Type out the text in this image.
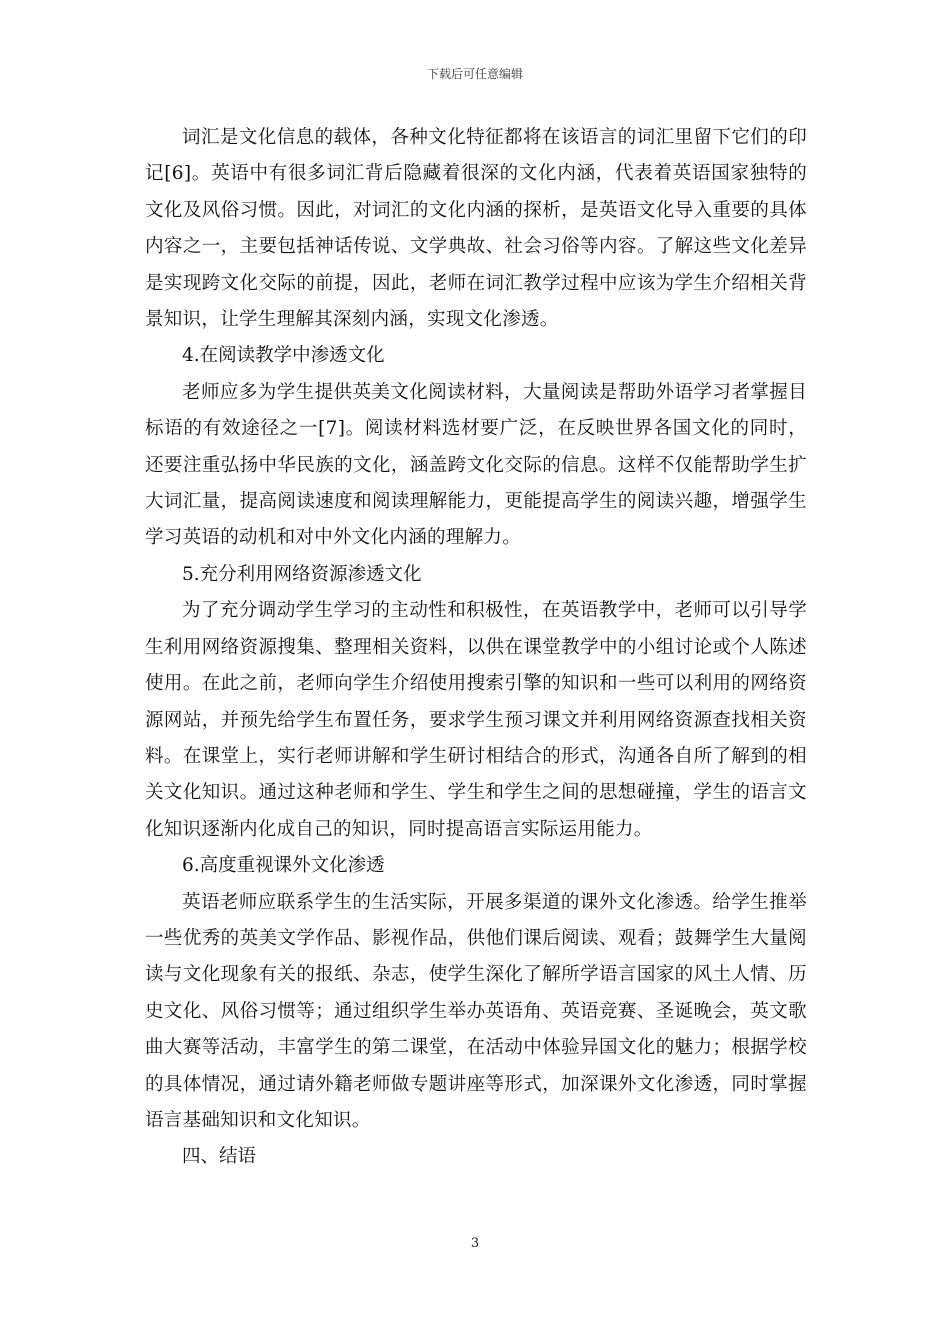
下载后可任意编辑

词汇是文化信息的载体，各种文化特征都将在该语言的词汇里留下它们的印记[6]。英语中有很多词汇背后隐藏着很深的文化内涵，代表着英语国家独特的文化及风俗习惯。因此，对词汇的文化内涵的探析，是英语文化导入重要的具体内容之一，主要包括神话传说、文学典故、社会习俗等内容。了解这些文化差异是实现跨文化交际的前提，因此，老师在词汇教学过程中应该为学生介绍相关背景知识，让学生理解其深刻内涵，实现文化渗透。

4.在阅读教学中渗透文化

老师应多为学生提供英美文化阅读材料，大量阅读是帮助外语学习者掌握目标语的有效途径之一[7]。阅读材料选材要广泛，在反映世界各国文化的同时，还要注重弘扬中华民族的文化，涵盖跨文化交际的信息。这样不仅能帮助学生扩大词汇量，提高阅读速度和阅读理解能力，更能提高学生的阅读兴趣，增强学生学习英语的动机和对中外文化内涵的理解力。

5.充分利用网络资源渗透文化

为了充分调动学生学习的主动性和积极性，在英语教学中，老师可以引导学生利用网络资源搜集、整理相关资料，以供在课堂教学中的小组讨论或个人陈述使用。在此之前，老师向学生介绍使用搜索引擎的知识和一些可以利用的网络资源网站，并预先给学生布置任务，要求学生预习课文并利用网络资源查找相关资料。在课堂上，实行老师讲解和学生研讨相结合的形式，沟通各自所了解到的相关文化知识。通过这种老师和学生、学生和学生之间的思想碰撞，学生的语言文化知识逐渐内化成自己的知识，同时提高语言实际运用能力。

6.高度重视课外文化渗透

英语老师应联系学生的生活实际，开展多渠道的课外文化渗透。给学生推举一些优秀的英美文学作品、影视作品，供他们课后阅读、观看；鼓舞学生大量阅读与文化现象有关的报纸、杂志，使学生深化了解所学语言国家的风土人情、历史文化、风俗习惯等；通过组织学生举办英语角、英语竞赛、圣诞晚会，英文歌曲大赛等活动，丰富学生的第二课堂，在活动中体验异国文化的魅力；根据学校的具体情况，通过请外籍老师做专题讲座等形式，加深课外文化渗透，同时掌握语言基础知识和文化知识。

四、结语

3
